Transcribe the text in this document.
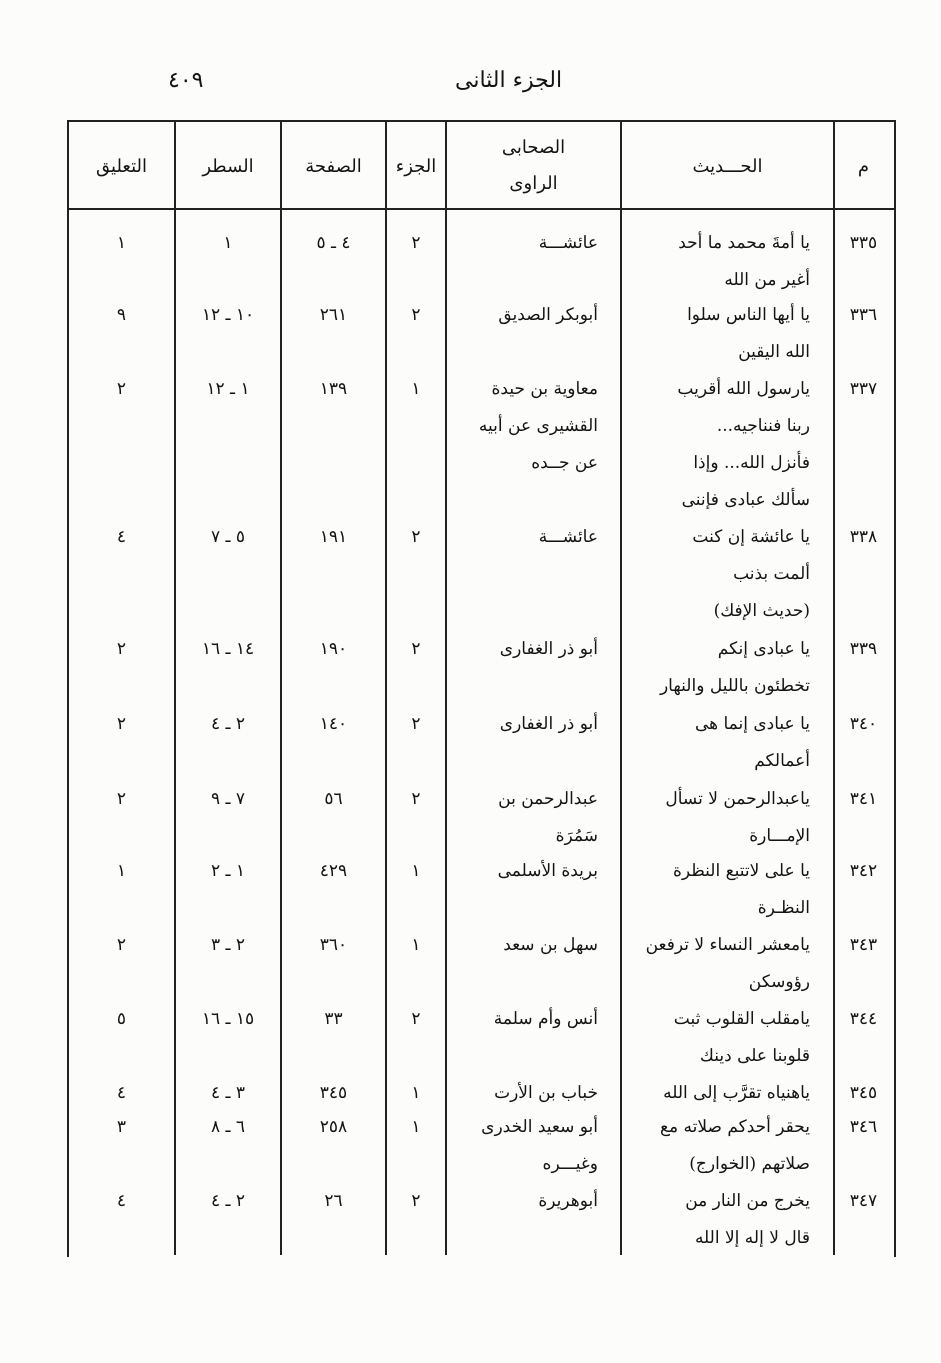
الجزء الثانى
٤٠٩
م
الحـــديث
الصحابى
الراوى
الجزء
الصفحة
السطر
التعليق
٣٣٥
يا أمةَ محمد ما أحد
أغير من الله
عائشـــة
٢
٤ ـ ٥
١
١
٣٣٦
يا أيها الناس سلوا
الله اليقين
أبوبكر الصديق
٢
٢٦١
١٠ ـ ١٢
٩
٣٣٧
يارسول الله أقريب
ربنا فنناجيه...
فأنزل الله... وإذا
سألك عبادى فإننى
معاوية بن حيدة
القشيرى عن أبيه
عن جــده
١
١٣٩
١ ـ ١٢
٢
٣٣٨
يا عائشة إن كنت
ألمت بذنب
(حديث الإفك)
عائشـــة
٢
١٩١
٥ ـ ٧
٤
٣٣٩
يا عبادى إنكم
تخطئون بالليل والنهار
أبو ذر الغفارى
٢
١٩٠
١٤ ـ ١٦
٢
٣٤٠
يا عبادى إنما هى
أعمالكم
أبو ذر الغفارى
٢
١٤٠
٢ ـ ٤
٢
٣٤١
ياعبدالرحمن لا تسأل
الإمـــارة
عبدالرحمن بن
سَمُرَة
٢
٥٦
٧ ـ ٩
٢
٣٤٢
يا على لاتتبع النظرة
النظـرة
بريدة الأسلمى
١
٤٢٩
١ ـ ٢
١
٣٤٣
يامعشر النساء لا ترفعن
رؤوسكن
سهل بن سعد
١
٣٦٠
٢ ـ ٣
٢
٣٤٤
يامقلب القلوب ثبت
قلوبنا على دينك
أنس وأم سلمة
٢
٣٣
١٥ ـ ١٦
٥
٣٤٥
ياهنياه تقرَّب إلى الله
خباب بن الأرت
١
٣٤٥
٣ ـ ٤
٤
٣٤٦
يحقر أحدكم صلاته مع
صلاتهم (الخوارج)
أبو سعيد الخدرى
وغيـــره
١
٢٥٨
٦ ـ ٨
٣
٣٤٧
يخرج من النار من
قال لا إله إلا الله
أبوهريرة
٢
٢٦
٢ ـ ٤
٤
